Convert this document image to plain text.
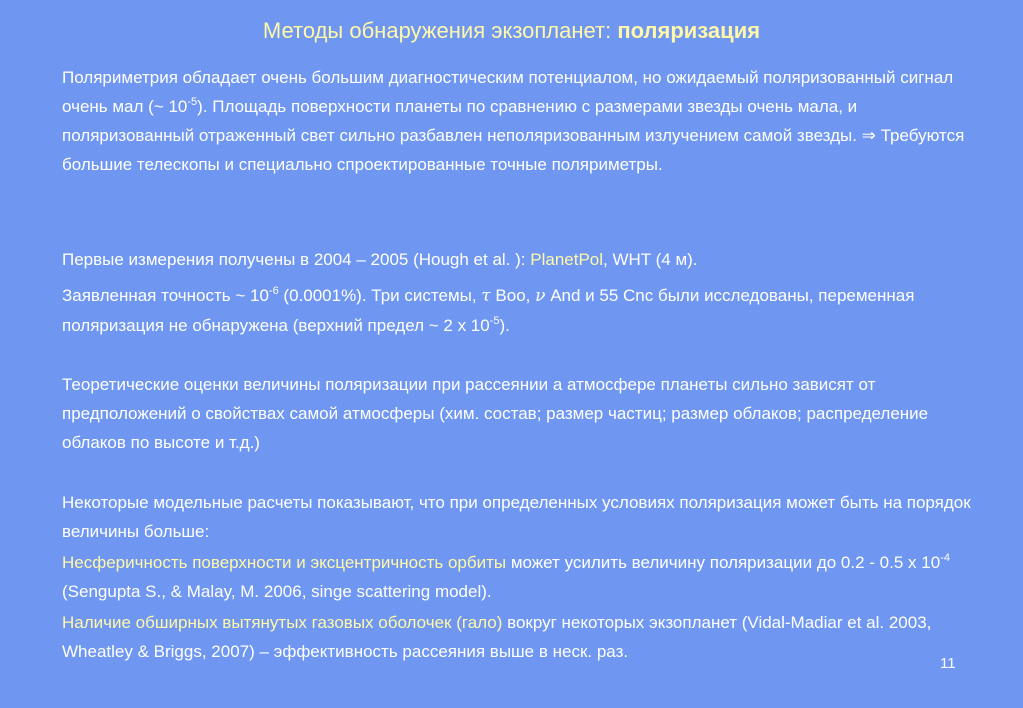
Методы обнаружения экзопланет: поляризация
Поляриметрия обладает очень большим диагностическим потенциалом, но ожидаемый поляризованный сигнал очень мал (~ $10^{-5}$). Площадь поверхности планеты по сравнению с размерами звезды очень мала, и поляризованный отраженный свет сильно разбавлен неполяризованным излучением самой звезды. ⇒ Требуются большие телескопы и специально спроектированные точные поляриметры.
Первые измерения получены в 2004 – 2005 (Hough et al. ): PlanetPol, WHT (4 м).
Заявленная точность ~ $10^{-6}$ (0.0001%). Три системы, τ Boo, ν And и 55 Cnc были исследованы, переменная поляризация не обнаружена (верхний предел ~ 2 x $10^{-5}$).
Теоретические оценки величины поляризации при рассеянии а атмосфере планеты сильно зависят от предположений о свойствах самой атмосферы (хим. состав; размер частиц; размер облаков; распределение облаков по высоте и т.д.)
Некоторые модельные расчеты показывают, что при определенных условиях поляризация может быть на порядок величины больше:
Несферичность поверхности и эксцентричность орбиты может усилить величину поляризации до 0.2 - 0.5 x $10^{-4}$ (Sengupta S., & Malay, M. 2006, singe scattering model).
Наличие обширных вытянутых газовых оболочек (гало) вокруг некоторых экзопланет (Vidal-Madiar et al. 2003, Wheatley & Briggs, 2007) – эффективность рассеяния выше в неск. раз.
11
